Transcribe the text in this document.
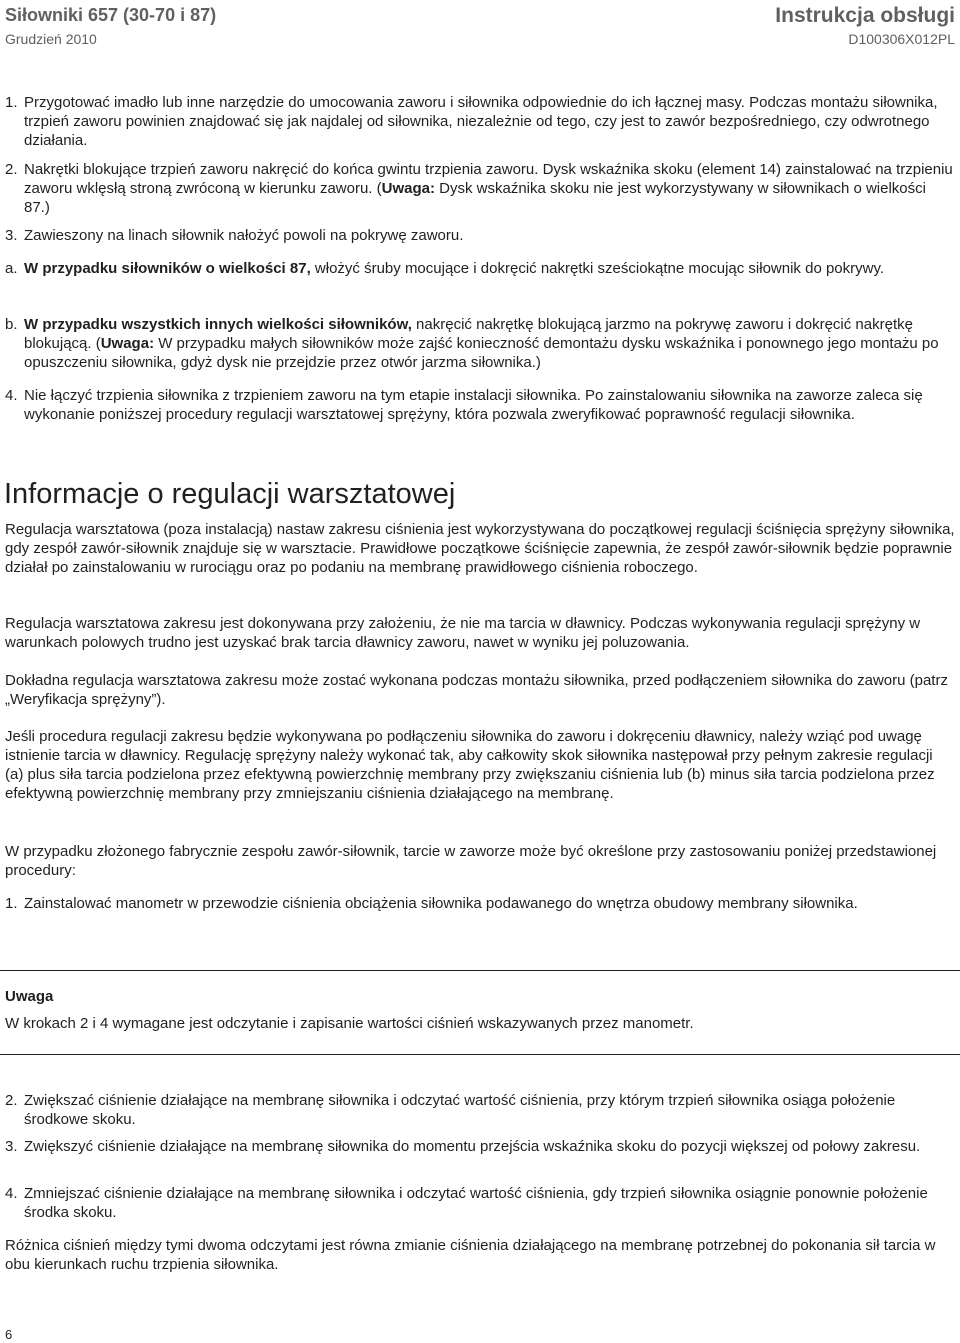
Siłowniki 657 (30-70 i 87)
Grudzień 2010
Instrukcja obsługi
D100306X012PL
1. Przygotować imadło lub inne narzędzie do umocowania zaworu i siłownika odpowiednie do ich łącznej masy. Podczas montażu siłownika, trzpień zaworu powinien znajdować się jak najdalej od siłownika, niezależnie od tego, czy jest to zawór bezpośredniego, czy odwrotnego działania.
2. Nakrętki blokujące trzpień zaworu nakręcić do końca gwintu trzpienia zaworu. Dysk wskaźnika skoku (element 14) zainstalować na trzpieniu zaworu wklęsłą stroną zwróconą w kierunku zaworu. (Uwaga: Dysk wskaźnika skoku nie jest wykorzystywany w siłownikach o wielkości 87.)
3. Zawieszony na linach siłownik nałożyć powoli na pokrywę zaworu.
a. W przypadku siłowników o wielkości 87, włożyć śruby mocujące i dokręcić nakrętki sześciokątne mocując siłownik do pokrywy.
b. W przypadku wszystkich innych wielkości siłowników, nakręcić nakrętkę blokującą jarzmo na pokrywę zaworu i dokręcić nakrętkę blokującą. (Uwaga: W przypadku małych siłowników może zajść konieczność demontażu dysku wskaźnika i ponownego jego montażu po opuszczeniu siłownika, gdyż dysk nie przejdzie przez otwór jarzma siłownika.)
4. Nie łączyć trzpienia siłownika z trzpieniem zaworu na tym etapie instalacji siłownika. Po zainstalowaniu siłownika na zaworze zaleca się wykonanie poniższej procedury regulacji warsztatowej sprężyny, która pozwala zweryfikować poprawność regulacji siłownika.
Informacje o regulacji warsztatowej
Regulacja warsztatowa (poza instalacją) nastaw zakresu ciśnienia jest wykorzystywana do początkowej regulacji ściśnięcia sprężyny siłownika, gdy zespół zawór-siłownik znajduje się w warsztacie. Prawidłowe początkowe ściśnięcie zapewnia, że zespół zawór-siłownik będzie poprawnie działał po zainstalowaniu w rurociągu oraz po podaniu na membranę prawidłowego ciśnienia roboczego.
Regulacja warsztatowa zakresu jest dokonywana przy założeniu, że nie ma tarcia w dławnicy. Podczas wykonywania regulacji sprężyny w warunkach polowych trudno jest uzyskać brak tarcia dławnicy zaworu, nawet w wyniku jej poluzowania.
Dokładna regulacja warsztatowa zakresu może zostać wykonana podczas montażu siłownika, przed podłączeniem siłownika do zaworu (patrz „Weryfikacja sprężyny”).
Jeśli procedura regulacji zakresu będzie wykonywana po podłączeniu siłownika do zaworu i dokręceniu dławnicy, należy wziąć pod uwagę istnienie tarcia w dławnicy. Regulację sprężyny należy wykonać tak, aby całkowity skok siłownika następował przy pełnym zakresie regulacji (a) plus siła tarcia podzielona przez efektywną powierzchnię membrany przy zwiększaniu ciśnienia lub (b) minus siła tarcia podzielona przez efektywną powierzchnię membrany przy zmniejszaniu ciśnienia działającego na membranę.
W przypadku złożonego fabrycznie zespołu zawór-siłownik, tarcie w zaworze może być określone przy zastosowaniu poniżej przedstawionej procedury:
1. Zainstalować manometr w przewodzie ciśnienia obciążenia siłownika podawanego do wnętrza obudowy membrany siłownika.
Uwaga
W krokach 2 i 4 wymagane jest odczytanie i zapisanie wartości ciśnień wskazywanych przez manometr.
2. Zwiększać ciśnienie działające na membranę siłownika i odczytać wartość ciśnienia, przy którym trzpień siłownika osiąga położenie środkowe skoku.
3. Zwiększyć ciśnienie działające na membranę siłownika do momentu przejścia wskaźnika skoku do pozycji większej od połowy zakresu.
4. Zmniejszać ciśnienie działające na membranę siłownika i odczytać wartość ciśnienia, gdy trzpień siłownika osiągnie ponownie położenie środka skoku.
Różnica ciśnień między tymi dwoma odczytami jest równa zmianie ciśnienia działającego na membranę potrzebnej do pokonania sił tarcia w obu kierunkach ruchu trzpienia siłownika.
6
